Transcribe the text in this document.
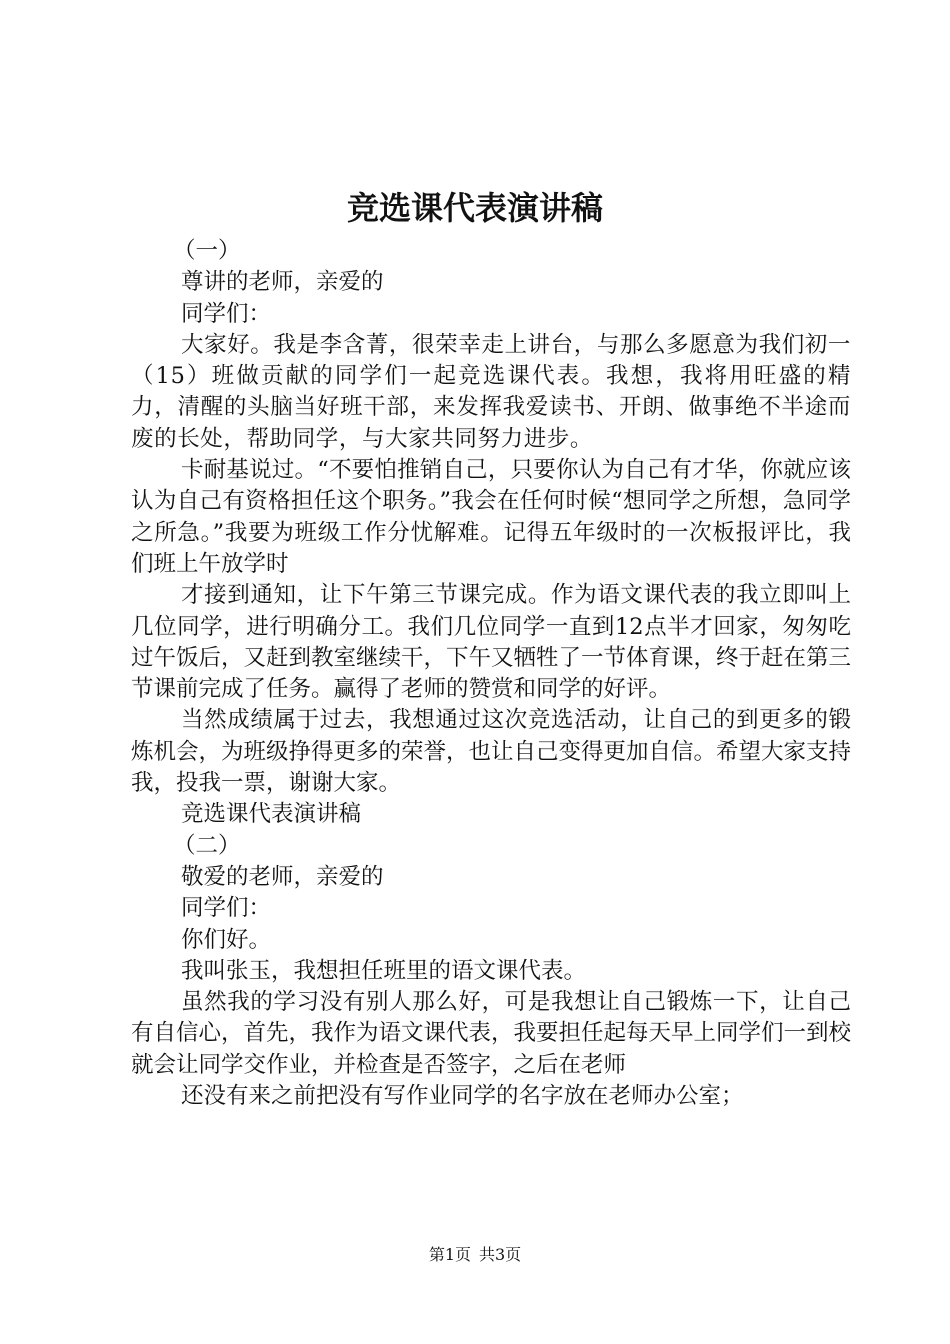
竞选课代表演讲稿
（一）
尊讲的老师，亲爱的
同学们：

大家好。我是李含菁，很荣幸走上讲台，与那么多愿意为我们初一（15）班做贡献的同学们一起竞选课代表。我想，我将用旺盛的精力，清醒的头脑当好班干部，来发挥我爱读书、开朗、做事绝不半途而废的长处，帮助同学，与大家共同努力进步。

卡耐基说过。“不要怕推销自己，只要你认为自己有才华，你就应该认为自己有资格担任这个职务。”我会在任何时候“想同学之所想，急同学之所急。”我要为班级工作分忧解难。记得五年级时的一次板报评比，我们班上午放学时

才接到通知，让下午第三节课完成。作为语文课代表的我立即叫上几位同学，进行明确分工。我们几位同学一直到12点半才回家，匆匆吃过午饭后，又赶到教室继续干，下午又牺牲了一节体育课，终于赶在第三节课前完成了任务。赢得了老师的赞赏和同学的好评。

当然成绩属于过去，我想通过这次竞选活动，让自己的到更多的锻炼机会，为班级挣得更多的荣誉，也让自己变得更加自信。希望大家支持我，投我一票，谢谢大家。

竞选课代表演讲稿
（二）
敬爱的老师，亲爱的
同学们：
你们好。
我叫张玉，我想担任班里的语文课代表。

虽然我的学习没有别人那么好，可是我想让自己锻炼一下，让自己有自信心，首先，我作为语文课代表，我要担任起每天早上同学们一到校就会让同学交作业，并检查是否签字，之后在老师

还没有来之前把没有写作业同学的名字放在老师办公室；

第1页 共3页
